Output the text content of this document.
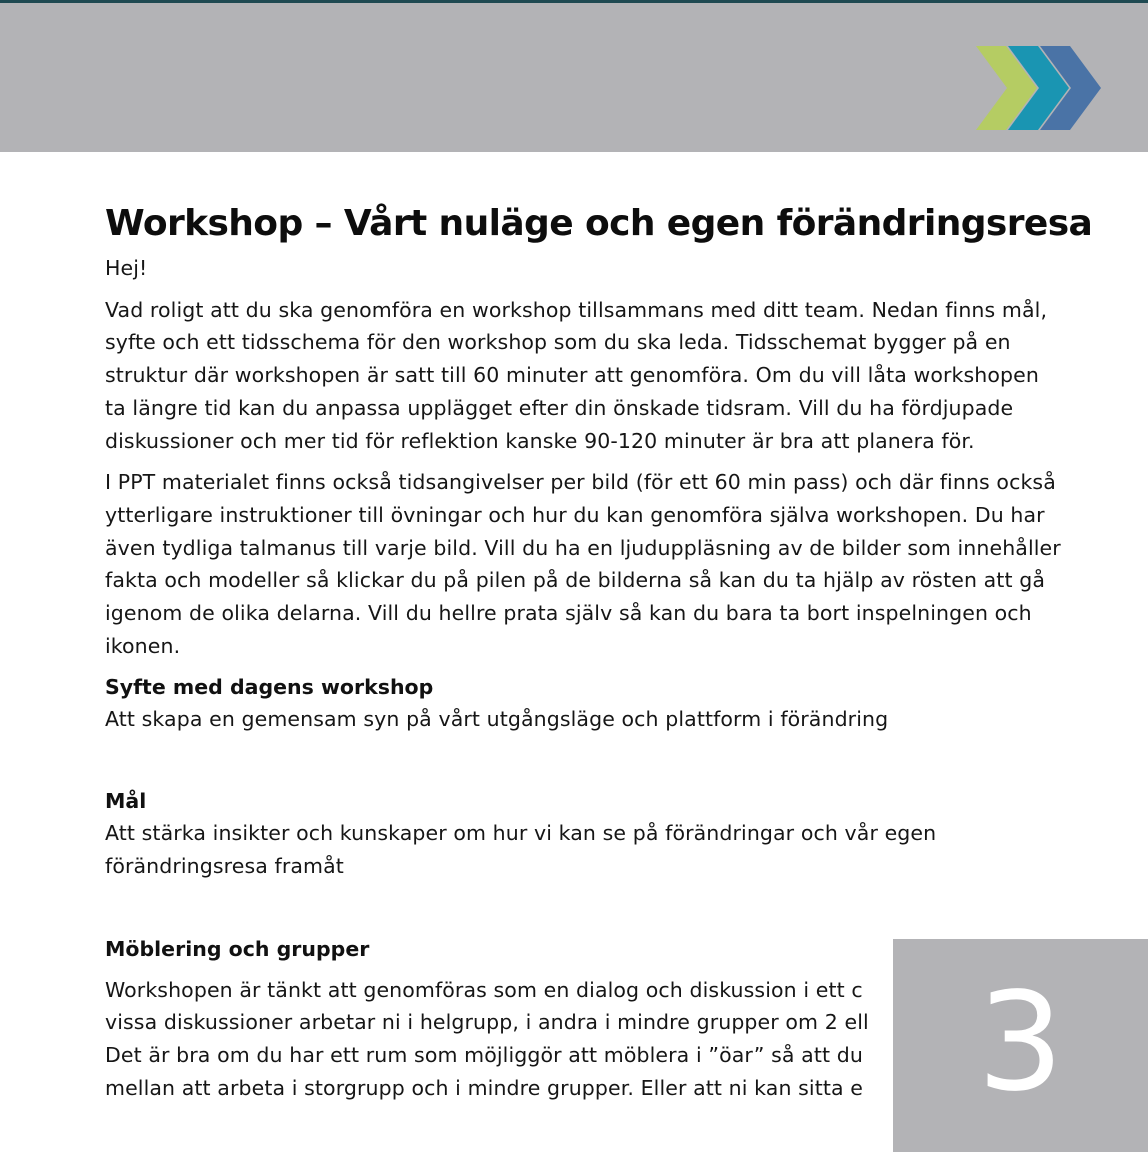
Workshop – Vårt nuläge och egen förändringsresa

Hej!

Vad roligt att du ska genomföra en workshop tillsammans med ditt team. Nedan finns mål, syfte och ett tidsschema för den workshop som du ska leda. Tidsschemat bygger på en struktur där workshopen är satt till 60 minuter att genomföra. Om du vill låta workshopen ta längre tid kan du anpassa upplägget efter din önskade tidsram. Vill du ha fördjupade diskussioner och mer tid för reflektion kanske 90-120 minuter är bra att planera för.

I PPT materialet finns också tidsangivelser per bild (för ett 60 min pass) och där finns också ytterligare instruktioner till övningar och hur du kan genomföra själva workshopen. Du har även tydliga talmanus till varje bild. Vill du ha en ljuduppläsning av de bilder som innehåller fakta och modeller så klickar du på pilen på de bilderna så kan du ta hjälp av rösten att gå igenom de olika delarna. Vill du hellre prata själv så kan du bara ta bort inspelningen och ikonen.

Syfte med dagens workshop

Att skapa en gemensam syn på vårt utgångsläge och plattform i förändring

Mål

Att stärka insikter och kunskaper om hur vi kan se på förändringar och vår egen förändringsresa framåt

Möblering och grupper
Workshopen är tänkt att genomföras som en dialog och diskussion i ett c
vissa diskussioner arbetar ni i helgrupp, i andra i mindre grupper om 2 ell
Det är bra om du har ett rum som möjliggör att möblera i ”öar” så att du
mellan att arbeta i storgrupp och i mindre grupper. Eller att ni kan sitta e 3
